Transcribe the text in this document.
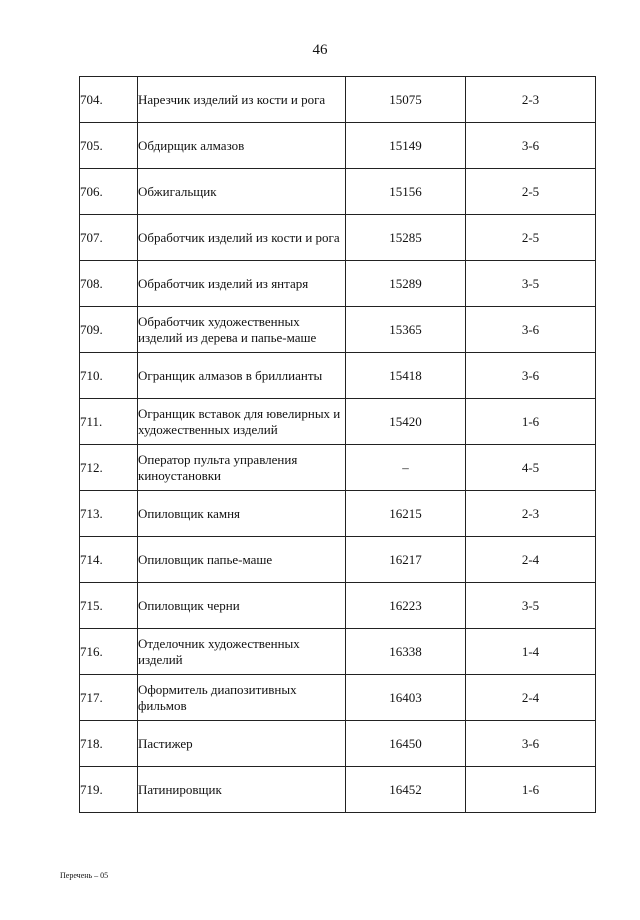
46
704.	Нарезчик изделий из кости и рога	15075	2-3
705.	Обдирщик алмазов	15149	3-6
706.	Обжигальщик	15156	2-5
707.	Обработчик изделий из кости и рога	15285	2-5
708.	Обработчик изделий из янтаря	15289	3-5
709.	Обработчик художественных изделий из дерева и папье-маше	15365	3-6
710.	Огранщик алмазов в бриллианты	15418	3-6
711.	Огранщик вставок для ювелирных и художественных изделий	15420	1-6
712.	Оператор пульта управления киноустановки	–	4-5
713.	Опиловщик камня	16215	2-3
714.	Опиловщик папье-маше	16217	2-4
715.	Опиловщик черни	16223	3-5
716.	Отделочник художественных изделий	16338	1-4
717.	Оформитель диапозитивных фильмов	16403	2-4
718.	Пастижер	16450	3-6
719.	Патинировщик	16452	1-6
Перечень – 05
